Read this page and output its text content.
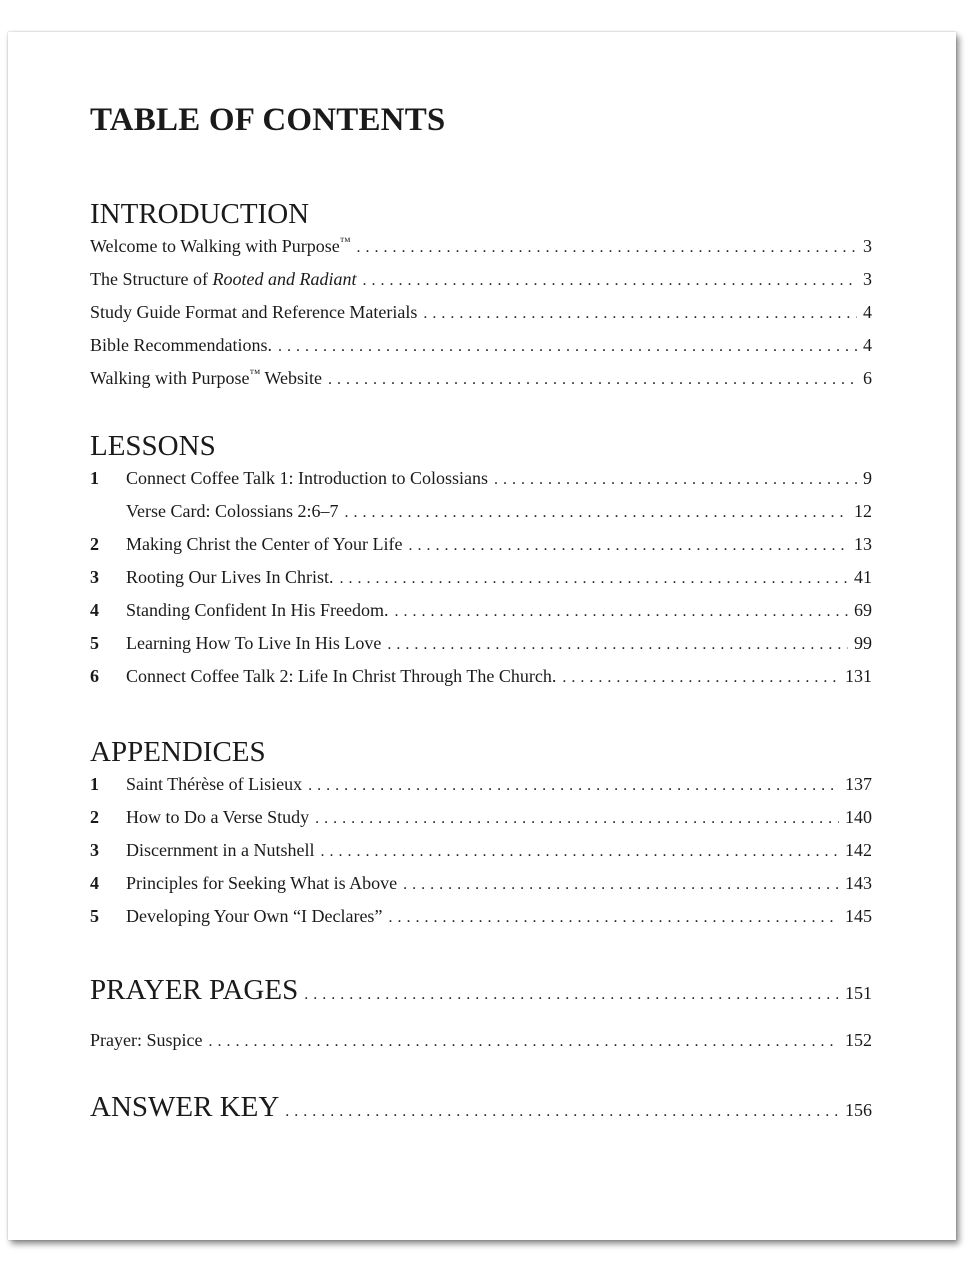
TABLE OF CONTENTS
INTRODUCTION
Welcome to Walking with Purpose™ .....	3
The Structure of Rooted and Radiant .....	3
Study Guide Format and Reference Materials .....	4
Bible Recommendations. .....	4
Walking with Purpose™ Website .....	6
LESSONS
1	Connect Coffee Talk 1: Introduction to Colossians .....	9
Verse Card: Colossians 2:6–7 .....	12
2	Making Christ the Center of Your Life .....	13
3	Rooting Our Lives In Christ. .....	41
4	Standing Confident In His Freedom. .....	69
5	Learning How To Live In His Love .....	99
6	Connect Coffee Talk 2: Life In Christ Through The Church. .....	131
APPENDICES
1	Saint Thérèse of Lisieux .....	137
2	How to Do a Verse Study .....	140
3	Discernment in a Nutshell .....	142
4	Principles for Seeking What is Above .....	143
5	Developing Your Own “I Declares” .....	145
PRAYER PAGES .....	151
Prayer: Suspice .....	152
ANSWER KEY .....	156
